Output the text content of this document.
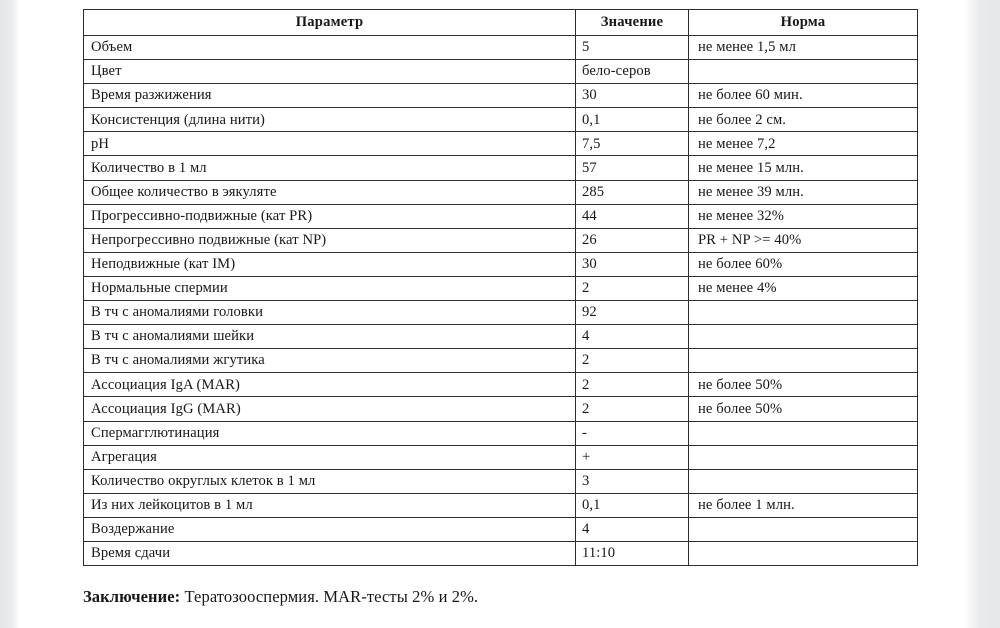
Параметр	Значение	Норма
Объем	5	не менее 1,5 мл
Цвет	бело-серов	
Время разжижения	30	не более 60 мин.
Консистенция (длина нити)	0,1	не более 2 см.
pH	7,5	не менее 7,2
Количество в 1 мл	57	не менее 15 млн.
Общее количество в эякуляте	285	не менее 39 млн.
Прогрессивно-подвижные (кат PR)	44	не менее 32%
Непрогрессивно подвижные (кат NP)	26	PR + NP >= 40%
Неподвижные (кат IM)	30	не более 60%
Нормальные спермии	2	не менее 4%
В тч с аномалиями головки	92	
В тч с аномалиями шейки	4	
В тч с аномалиями жгутика	2	
Ассоциация IgA (MAR)	2	не более 50%
Ассоциация IgG (MAR)	2	не более 50%
Спермагглютинация	-	
Агрегация	+	
Количество округлых клеток в 1 мл	3	
Из них лейкоцитов в 1 мл	0,1	не более 1 млн.
Воздержание	4	
Время сдачи	11:10	
Заключение: Тератозооспермия. MAR-тесты 2% и 2%.
